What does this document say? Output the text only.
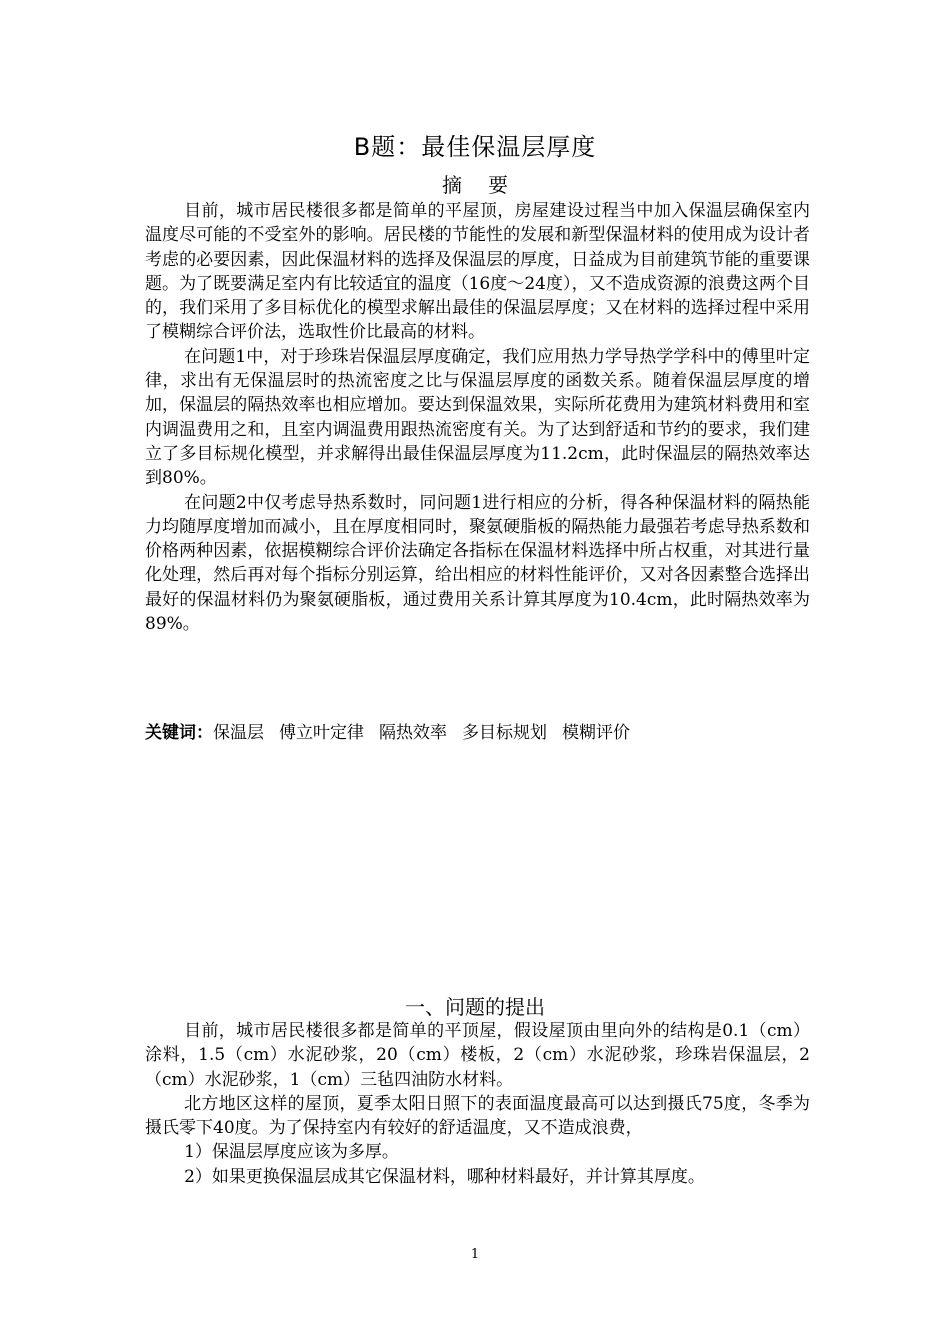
B题：最佳保温层厚度
摘要

目前，城市居民楼很多都是简单的平屋顶，房屋建设过程当中加入保温层确保室内温度尽可能的不受室外的影响。居民楼的节能性的发展和新型保温材料的使用成为设计者考虑的必要因素，因此保温材料的选择及保温层的厚度，日益成为目前建筑节能的重要课题。为了既要满足室内有比较适宜的温度（16度～24度），又不造成资源的浪费这两个目的，我们采用了多目标优化的模型求解出最佳的保温层厚度；又在材料的选择过程中采用了模糊综合评价法，选取性价比最高的材料。

在问题1中，对于珍珠岩保温层厚度确定，我们应用热力学导热学学科中的傅里叶定律，求出有无保温层时的热流密度之比与保温层厚度的函数关系。随着保温层厚度的增加，保温层的隔热效率也相应增加。要达到保温效果，实际所花费用为建筑材料费用和室内调温费用之和，且室内调温费用跟热流密度有关。为了达到舒适和节约的要求，我们建立了多目标规化模型，并求解得出最佳保温层厚度为11.2cm，此时保温层的隔热效率达到80%。

在问题2中仅考虑导热系数时，同问题1进行相应的分析，得各种保温材料的隔热能力均随厚度增加而减小，且在厚度相同时，聚氨硬脂板的隔热能力最强若考虑导热系数和价格两种因素，依据模糊综合评价法确定各指标在保温材料选择中所占权重，对其进行量化处理，然后再对每个指标分别运算，给出相应的材料性能评价，又对各因素整合选择出最好的保温材料仍为聚氨硬脂板，通过费用关系计算其厚度为10.4cm，此时隔热效率为89%。

关键词：保温层 傅立叶定律 隔热效率 多目标规划 模糊评价
一、问题的提出

目前，城市居民楼很多都是简单的平顶屋，假设屋顶由里向外的结构是0.1（cm）涂料，1.5（cm）水泥砂浆，20（cm）楼板，2（cm）水泥砂浆，珍珠岩保温层，2（cm）水泥砂浆，1（cm）三毡四油防水材料。

北方地区这样的屋顶，夏季太阳日照下的表面温度最高可以达到摄氏75度，冬季为摄氏零下40度。为了保持室内有较好的舒适温度，又不造成浪费，

1）保温层厚度应该为多厚。

2）如果更换保温层成其它保温材料，哪种材料最好，并计算其厚度。

1
